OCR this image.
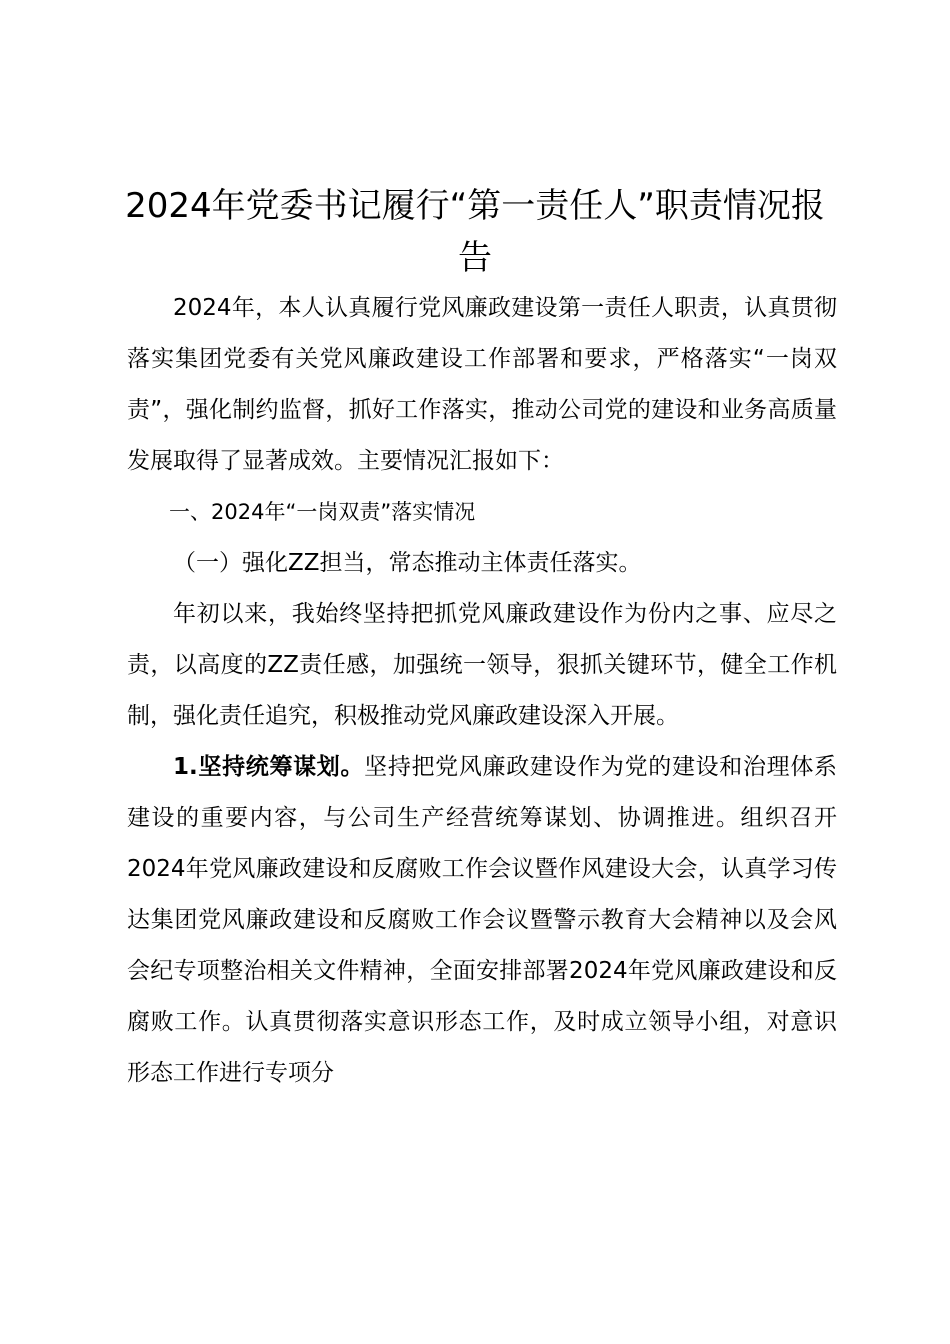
2024年党委书记履行“第一责任人”职责情况报告

2024年，本人认真履行党风廉政建设第一责任人职责，认真贯彻落实集团党委有关党风廉政建设工作部署和要求，严格落实“一岗双责”，强化制约监督，抓好工作落实，推动公司党的建设和业务高质量发展取得了显著成效。主要情况汇报如下：

一、2024年“一岗双责”落实情况

（一）强化ZZ担当，常态推动主体责任落实。

年初以来，我始终坚持把抓党风廉政建设作为份内之事、应尽之责，以高度的ZZ责任感，加强统一领导，狠抓关键环节，健全工作机制，强化责任追究，积极推动党风廉政建设深入开展。

1.坚持统筹谋划。坚持把党风廉政建设作为党的建设和治理体系建设的重要内容，与公司生产经营统筹谋划、协调推进。组织召开2024年党风廉政建设和反腐败工作会议暨作风建设大会，认真学习传达集团党风廉政建设和反腐败工作会议暨警示教育大会精神以及会风会纪专项整治相关文件精神，全面安排部署2024年党风廉政建设和反腐败工作。认真贯彻落实意识形态工作，及时成立领导小组，对意识形态工作进行专项分
